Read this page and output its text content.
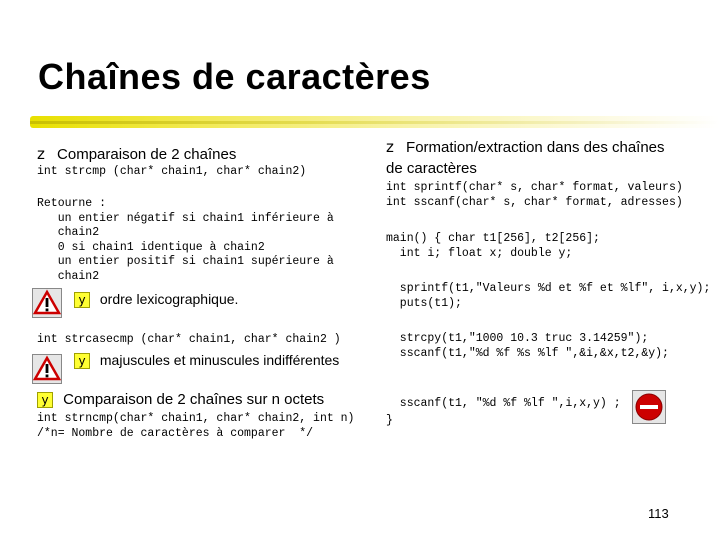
Chaînes de caractères
z Comparaison de 2 chaînes
int strcmp (char* chain1, char* chain2)
Retourne :
un entier négatif si chain1 inférieure à
chain2
0 si chain1 identique à chain2
un entier positif si chain1 supérieure à
chain2
y ordre lexicographique.
int strcasecmp (char* chain1, char* chain2 )
y majuscules et minuscules indifférentes
y Comparaison de 2 chaînes sur n octets
int strncmp(char* chain1, char* chain2, int n)
/*n= Nombre de caractères à comparer  */
z Formation/extraction dans des chaînes
de caractères
int sprintf(char* s, char* format, valeurs)
int sscanf(char* s, char* format, adresses)
main() { char t1[256], t2[256];
int i; float x; double y;
sprintf(t1,"Valeurs %d et %f et %lf", i,x,y);
puts(t1);
strcpy(t1,"1000 10.3 truc 3.14259");
sscanf(t1,"%d %f %s %lf ",&i,&x,t2,&y);
sscanf(t1, "%d %f %lf ",i,x,y) ;
}
113
